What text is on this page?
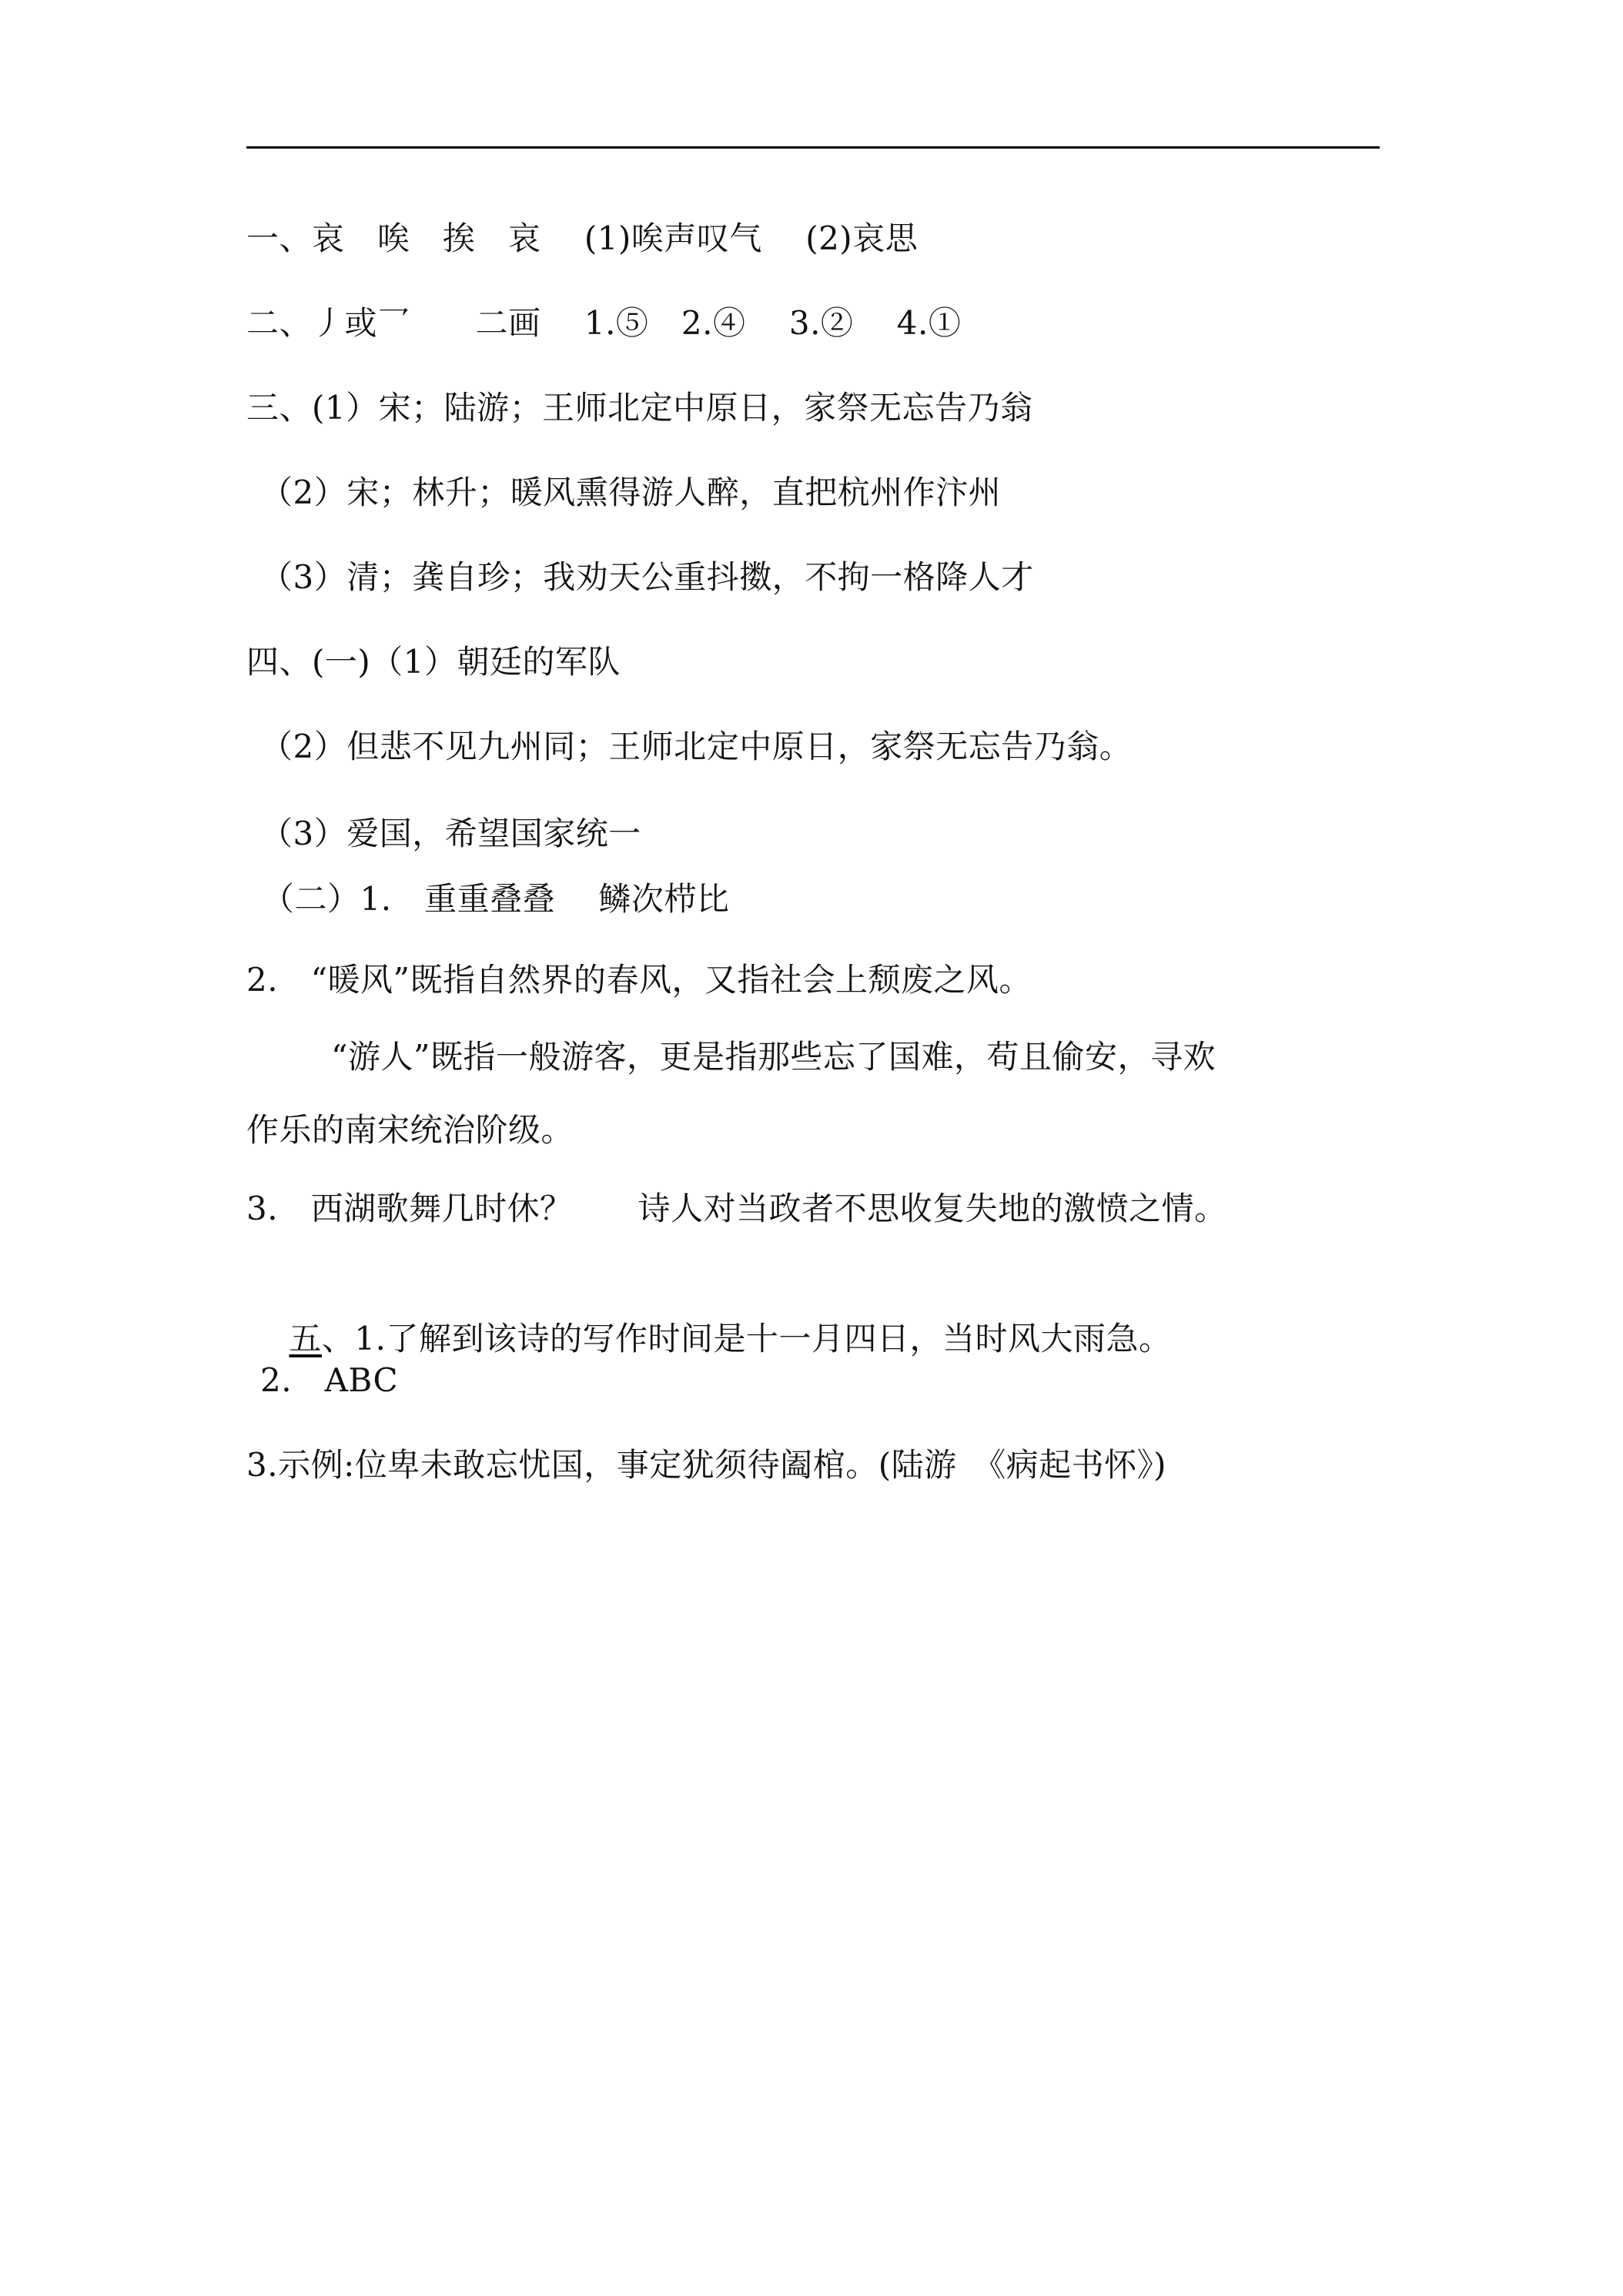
一、哀　唉　挨　哀　 (1)唉声叹气　 (2)哀思
二、丿或乛　　二画　 1.⑤　2.④　 3.②　 4.①
三、(1）宋；陆游；王师北定中原日，家祭无忘告乃翁
（2）宋；林升；暖风熏得游人醉，直把杭州作汴州
（3）清；龚自珍；我劝天公重抖擞，不拘一格降人才
四、(一)（1）朝廷的军队
（2）但悲不见九州同；王师北定中原日，家祭无忘告乃翁。
（3）爱国，希望国家统一
（二）1.　重重叠叠　 鳞次栉比
2.　“暖风”既指自然界的春风，又指社会上颓废之风。
“游人”既指一般游客，更是指那些忘了国难，苟且偷安，寻欢
作乐的南宋统治阶级。
3.　西湖歌舞几时休？　　诗人对当政者不思收复失地的激愤之情。

五、1.了解到该诗的写作时间是十一月四日，当时风大雨急。

2.　ABC
3.示例:位卑未敢忘忧国，事定犹须待阖棺。(陆游　《病起书怀》)
